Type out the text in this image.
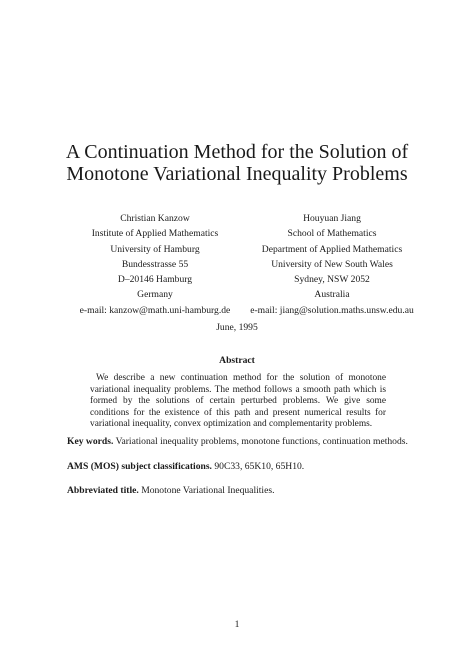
A Continuation Method for the Solution of Monotone Variational Inequality Problems
Christian Kanzow
Institute of Applied Mathematics
University of Hamburg
Bundesstrasse 55
D–20146 Hamburg
Germany
e-mail: kanzow@math.uni-hamburg.de
Houyuan Jiang
School of Mathematics
Department of Applied Mathematics
University of New South Wales
Sydney, NSW 2052
Australia
e-mail: jiang@solution.maths.unsw.edu.au
June, 1995
Abstract
We describe a new continuation method for the solution of monotone variational inequality problems. The method follows a smooth path which is formed by the solutions of certain perturbed problems. We give some conditions for the existence of this path and present numerical results for variational inequality, convex optimization and complementarity problems.
Key words. Variational inequality problems, monotone functions, continuation methods.
AMS (MOS) subject classifications. 90C33, 65K10, 65H10.
Abbreviated title. Monotone Variational Inequalities.
1
